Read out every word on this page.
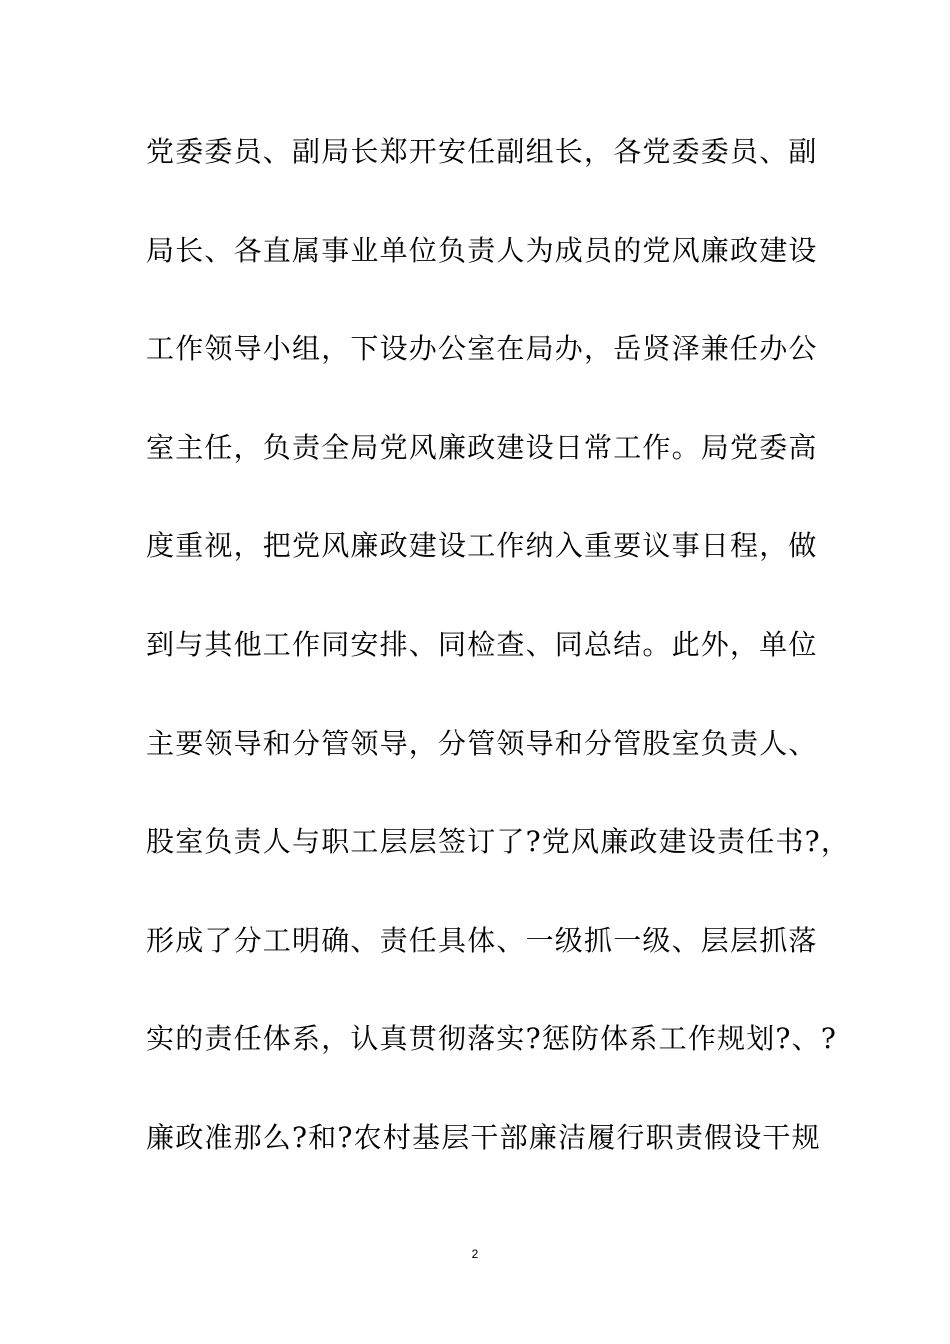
党委委员、副局长郑开安任副组长，各党委委员、副
局长、各直属事业单位负责人为成员的党风廉政建设
工作领导小组，下设办公室在局办，岳贤泽兼任办公
室主任，负责全局党风廉政建设日常工作。局党委高
度重视，把党风廉政建设工作纳入重要议事日程，做
到与其他工作同安排、同检查、同总结。此外，单位
主要领导和分管领导，分管领导和分管股室负责人、
股室负责人与职工层层签订了?党风廉政建设责任书?，
形成了分工明确、责任具体、一级抓一级、层层抓落
实的责任体系，认真贯彻落实?惩防体系工作规划?、?
廉政准那么?和?农村基层干部廉洁履行职责假设干规
2
